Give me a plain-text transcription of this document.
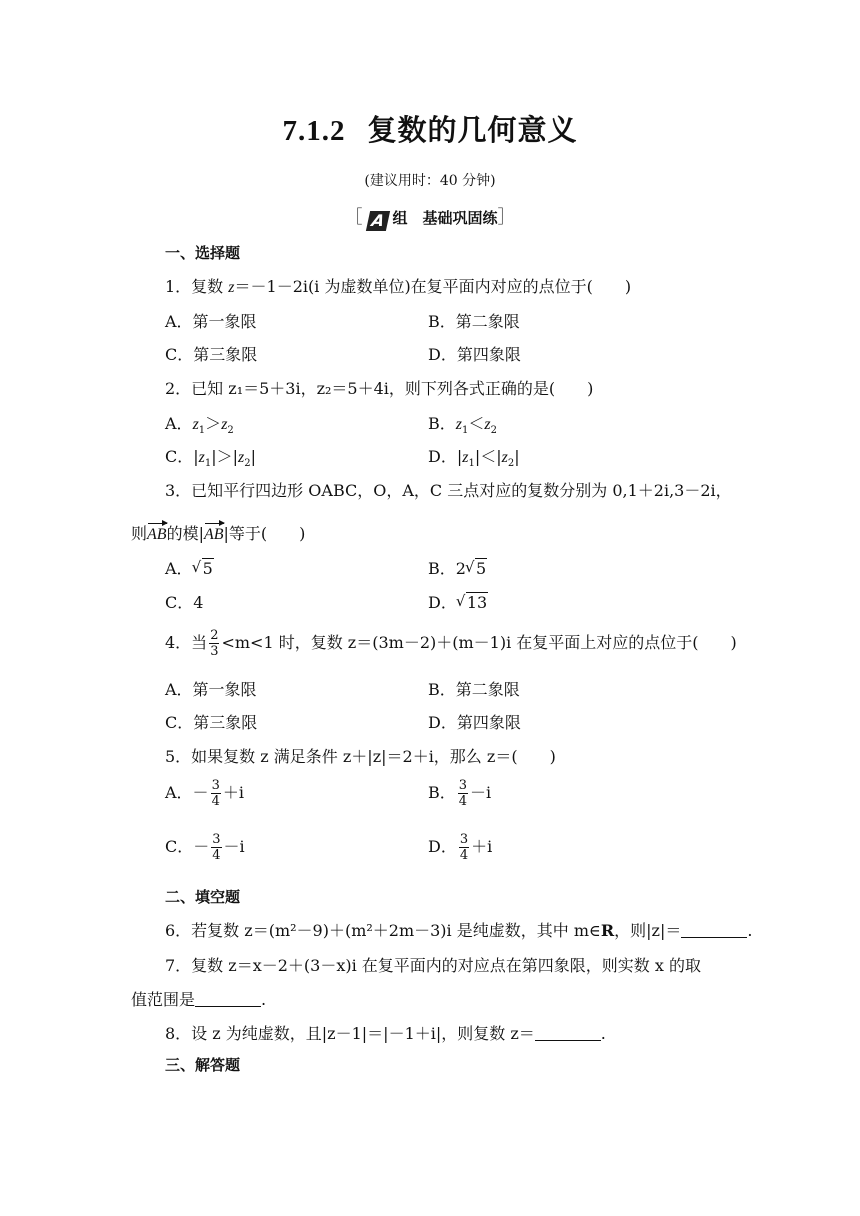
7.1.2 复数的几何意义
(建议用时：40 分钟)
［ A 组　基础巩固练］
一、选择题
1．复数 z＝－1－2i(i 为虚数单位)在复平面内对应的点位于(　　)
A．第一象限	B．第二象限
C．第三象限	D．第四象限
2．已知 z₁＝5＋3i，z₂＝5＋4i，则下列各式正确的是(　　)
A．$z_1>z_2$	B．$z_1<z_2$
C．$|z_1|>|z_2|$	D．$|z_1|<|z_2|$
3．已知平行四边形 OABC，O，A，C 三点对应的复数分别为 0,1＋2i,3－2i，
则AB的模|AB|等于(　　)
A． √ 5	B．2 √ 5
C．4	D． √ 13
4．当 $\frac{2}{3} <m<1$ 时，复数 z＝(3m－2)＋(m－1)i 在复平面上对应的点位于(　　)
A．第一象限	B．第二象限
C．第三象限	D．第四象限
5．如果复数 z 满足条件 z＋|z|＝2＋i，那么 z＝(　　)
A．－ $\frac{3}{4} +i$	B． $\frac{3}{4} -i$
C．－ $\frac{3}{4} -i$	D． $\frac{3}{4} +i$
二、填空题
6．若复数 z＝(m²－9)＋(m²＋2m－3)i 是纯虚数，其中 m∈R，则|z|＝	.
7．复数 z＝x－2＋(3－x)i 在复平面内的对应点在第四象限，则实数 x 的取
值范围是	.
8．设 z 为纯虚数，且|z－1|＝|－1＋i|，则复数 z＝	.
三、解答题
